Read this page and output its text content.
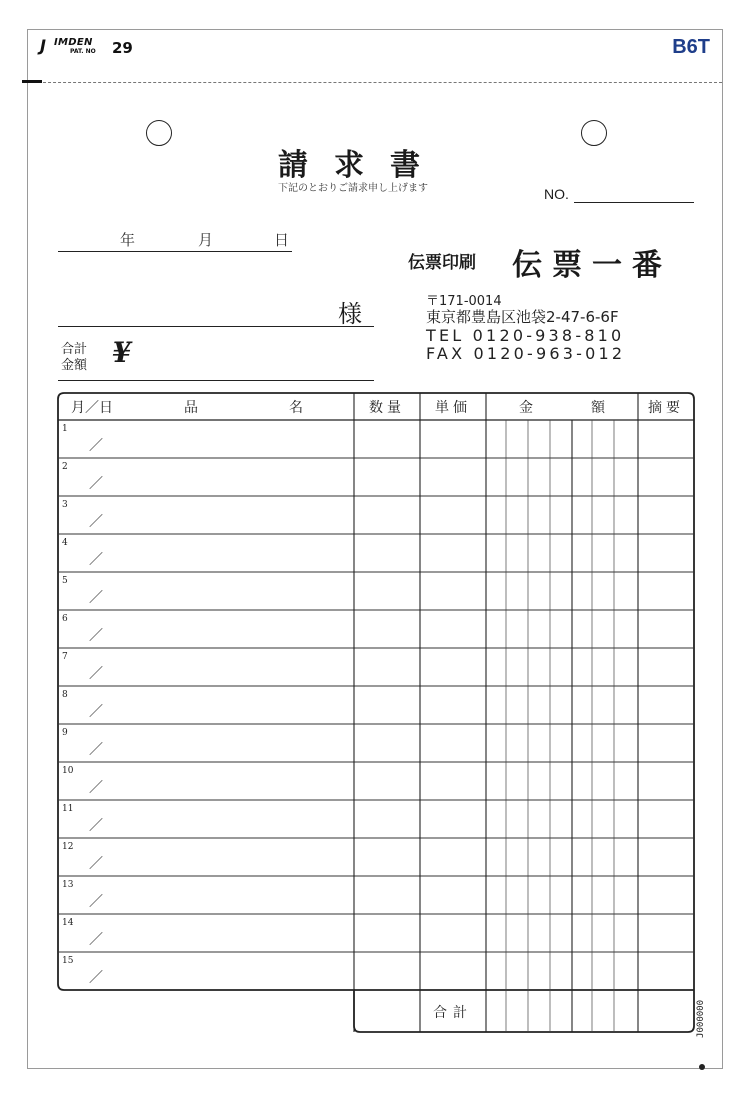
J IMDEN
PAT. NO 29	B6T
請求書
下記のとおりご請求申し上げます	NO.
年	月	日
伝票印刷 伝票一番
様	〒171-0014
東京都豊島区池袋2-47-6-6F
TEL 0120-938-810
FAX 0120-963-012
合計
金額 ¥
月／日	品	名	数量 単価	金	額	摘要
1
／
2
／
3
／
4
／
5
／
6
／
7
／
8
／
9
／
10
／
11
／
12
／
13
／
14
／
15
／
合計	J000000
